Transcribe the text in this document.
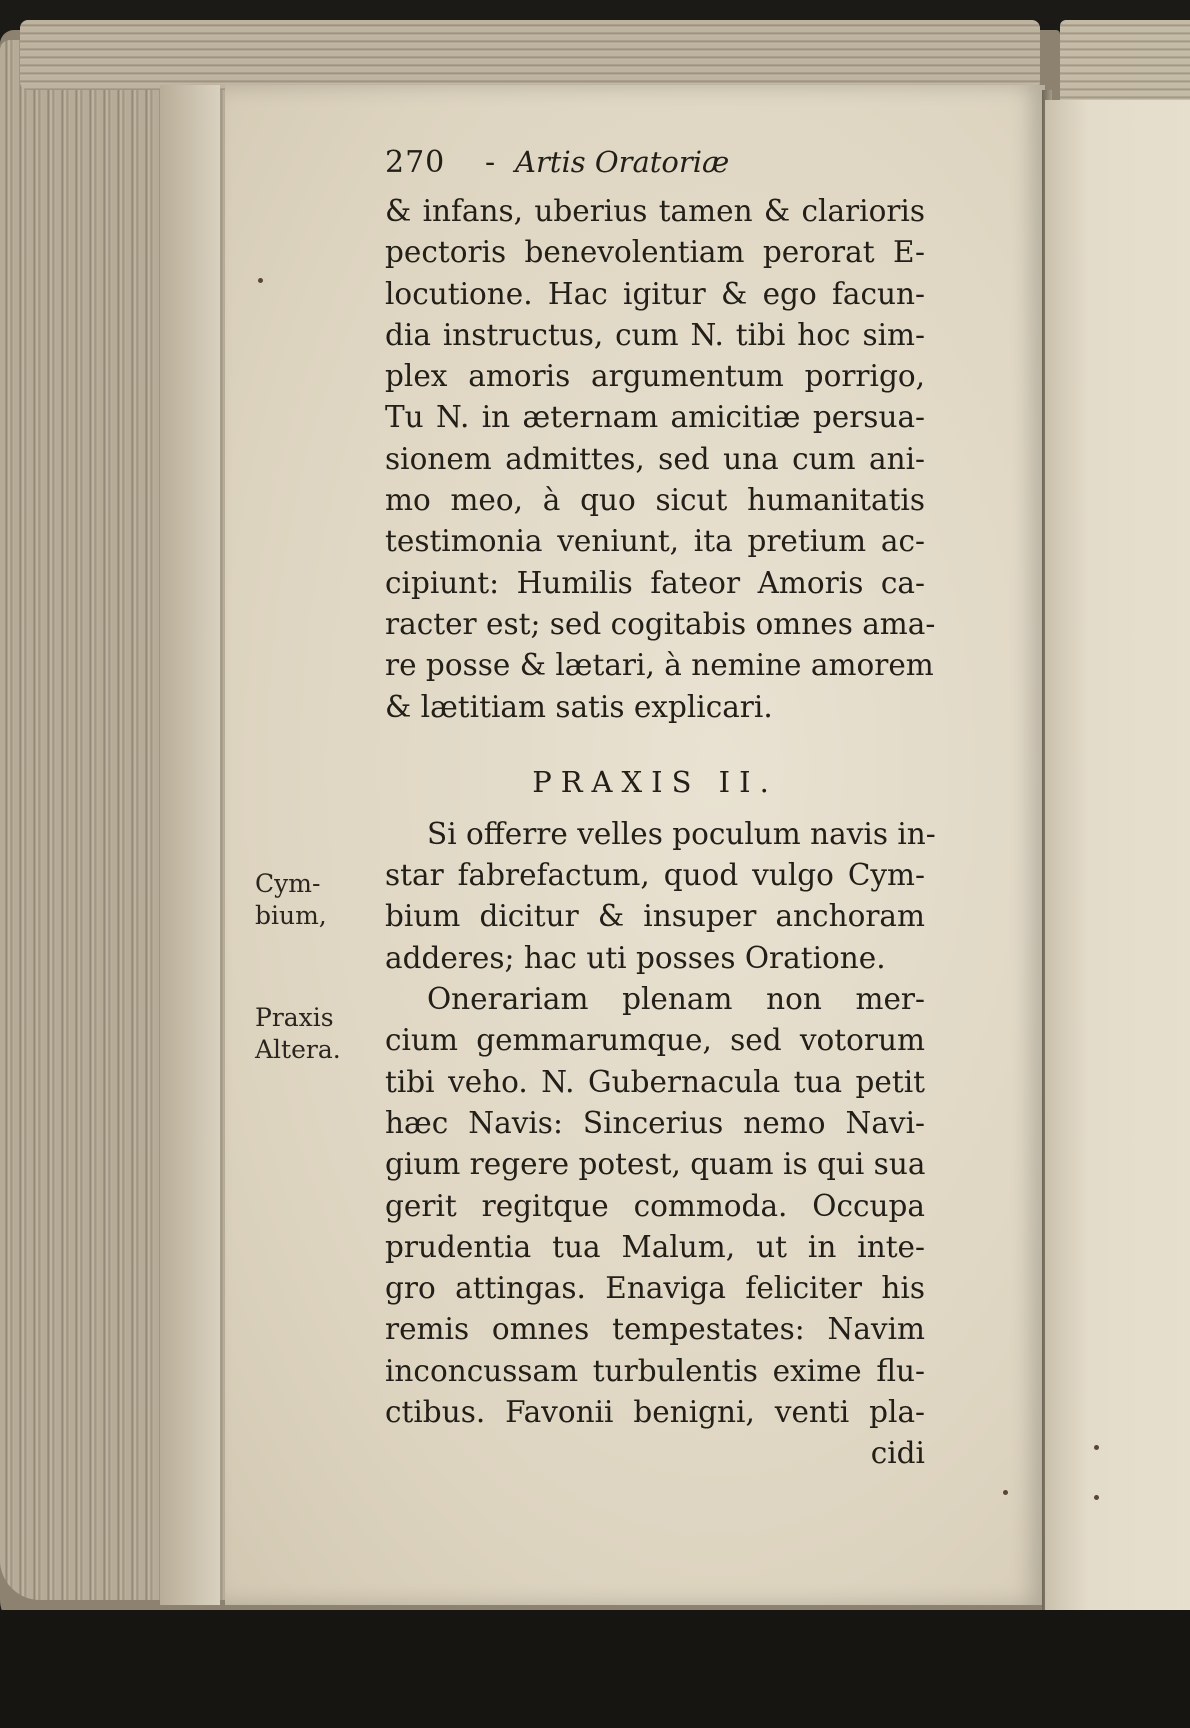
Cym-
bium,
Praxis
Altera.
270	- Artis Oratoriæ
& infans, uberius tamen & clarioris
pectoris benevolentiam perorat E-
locutione. Hac igitur & ego facun-
dia instructus, cum N. tibi hoc sim-
plex amoris argumentum porrigo,
Tu N. in æternam amicitiæ persua-
sionem admittes, sed una cum ani-
mo meo, à quo sicut humanitatis
testimonia veniunt, ita pretium ac-
cipiunt: Humilis fateor Amoris ca-
racter est; sed cogitabis omnes ama-
re posse & lætari, à nemine amorem
& lætitiam satis explicari.
PRAXIS II.
Si offerre velles poculum navis in-
star fabrefactum, quod vulgo Cym-
bium dicitur & insuper anchoram
adderes; hac uti posses Oratione.
Onerariam plenam non mer-
cium gemmarumque, sed votorum
tibi veho. N. Gubernacula tua petit
hæc Navis: Sincerius nemo Navi-
gium regere potest, quam is qui sua
gerit regitque commoda. Occupa
prudentia tua Malum, ut in inte-
gro attingas. Enaviga feliciter his
remis omnes tempestates: Navim
inconcussam turbulentis exime flu-
ctibus. Favonii benigni, venti pla-
cidi
